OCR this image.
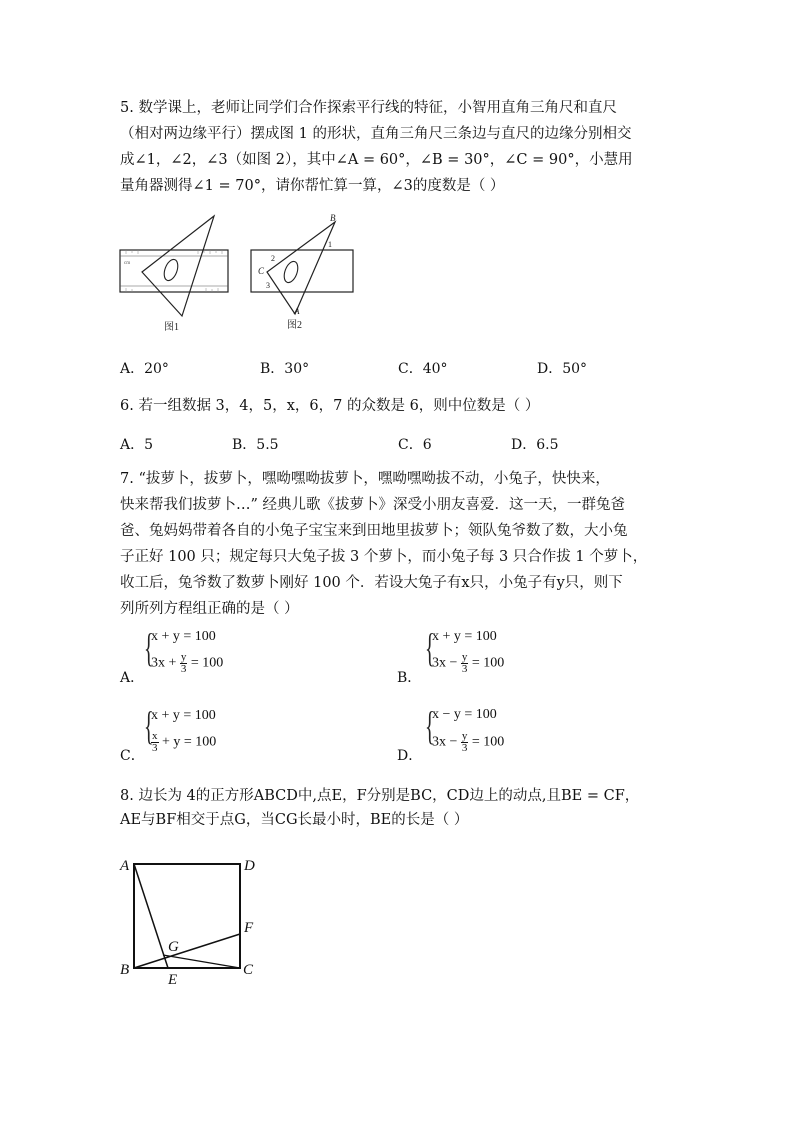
5. 数学课上，老师让同学们合作探索平行线的特征，小智用直角三角尺和直尺
（相对两边缘平行）摆成图 1 的形状，直角三角尺三条边与直尺的边缘分别相交
成∠1，∠2，∠3（如图 2），其中∠A = 60°，∠B = 30°，∠C = 90°，小慧用
量角器测得∠1 = 70°，请你帮忙算一算，∠3的度数是（ ）
cm
图1
B
1
2
C
3
A
图2
A．20°	B．30°	C．40°	D．50°
6. 若一组数据 3，4，5，x，6，7 的众数是 6，则中位数是（ ）
A．5	B．5.5	C．6	D．6.5
7. “拔萝卜，拔萝卜，嘿呦嘿呦拔萝卜，嘿呦嘿呦拔不动，小兔子，快快来，
快来帮我们拔萝卜…” 经典儿歌《拔萝卜》深受小朋友喜爱．这一天，一群兔爸
爸、兔妈妈带着各自的小兔子宝宝来到田地里拔萝卜；领队兔爷数了数，大小兔
子正好 100 只；规定每只大兔子拔 3 个萝卜，而小兔子每 3 只合作拔 1 个萝卜，
收工后，兔爷数了数萝卜刚好 100 个．若设大兔子有x只，小兔子有y只，则下
列所列方程组正确的是（ ）
A．
{
x + y = 100
$3x + \frac{y}{3} = 100$
B．
{
x + y = 100
$3x - \frac{y}{3} = 100$
C．
{
x + y = 100
$\frac{x}{3} + y = 100$
D．
{
x − y = 100
$3x - \frac{y}{3} = 100$
8. 边长为 4的正方形ABCD中,点E，F分别是BC，CD边上的动点,且BE = CF，
AE与BF相交于点G，当CG长最小时，BE的长是（ ）
A	D
F
G
B	C
E
